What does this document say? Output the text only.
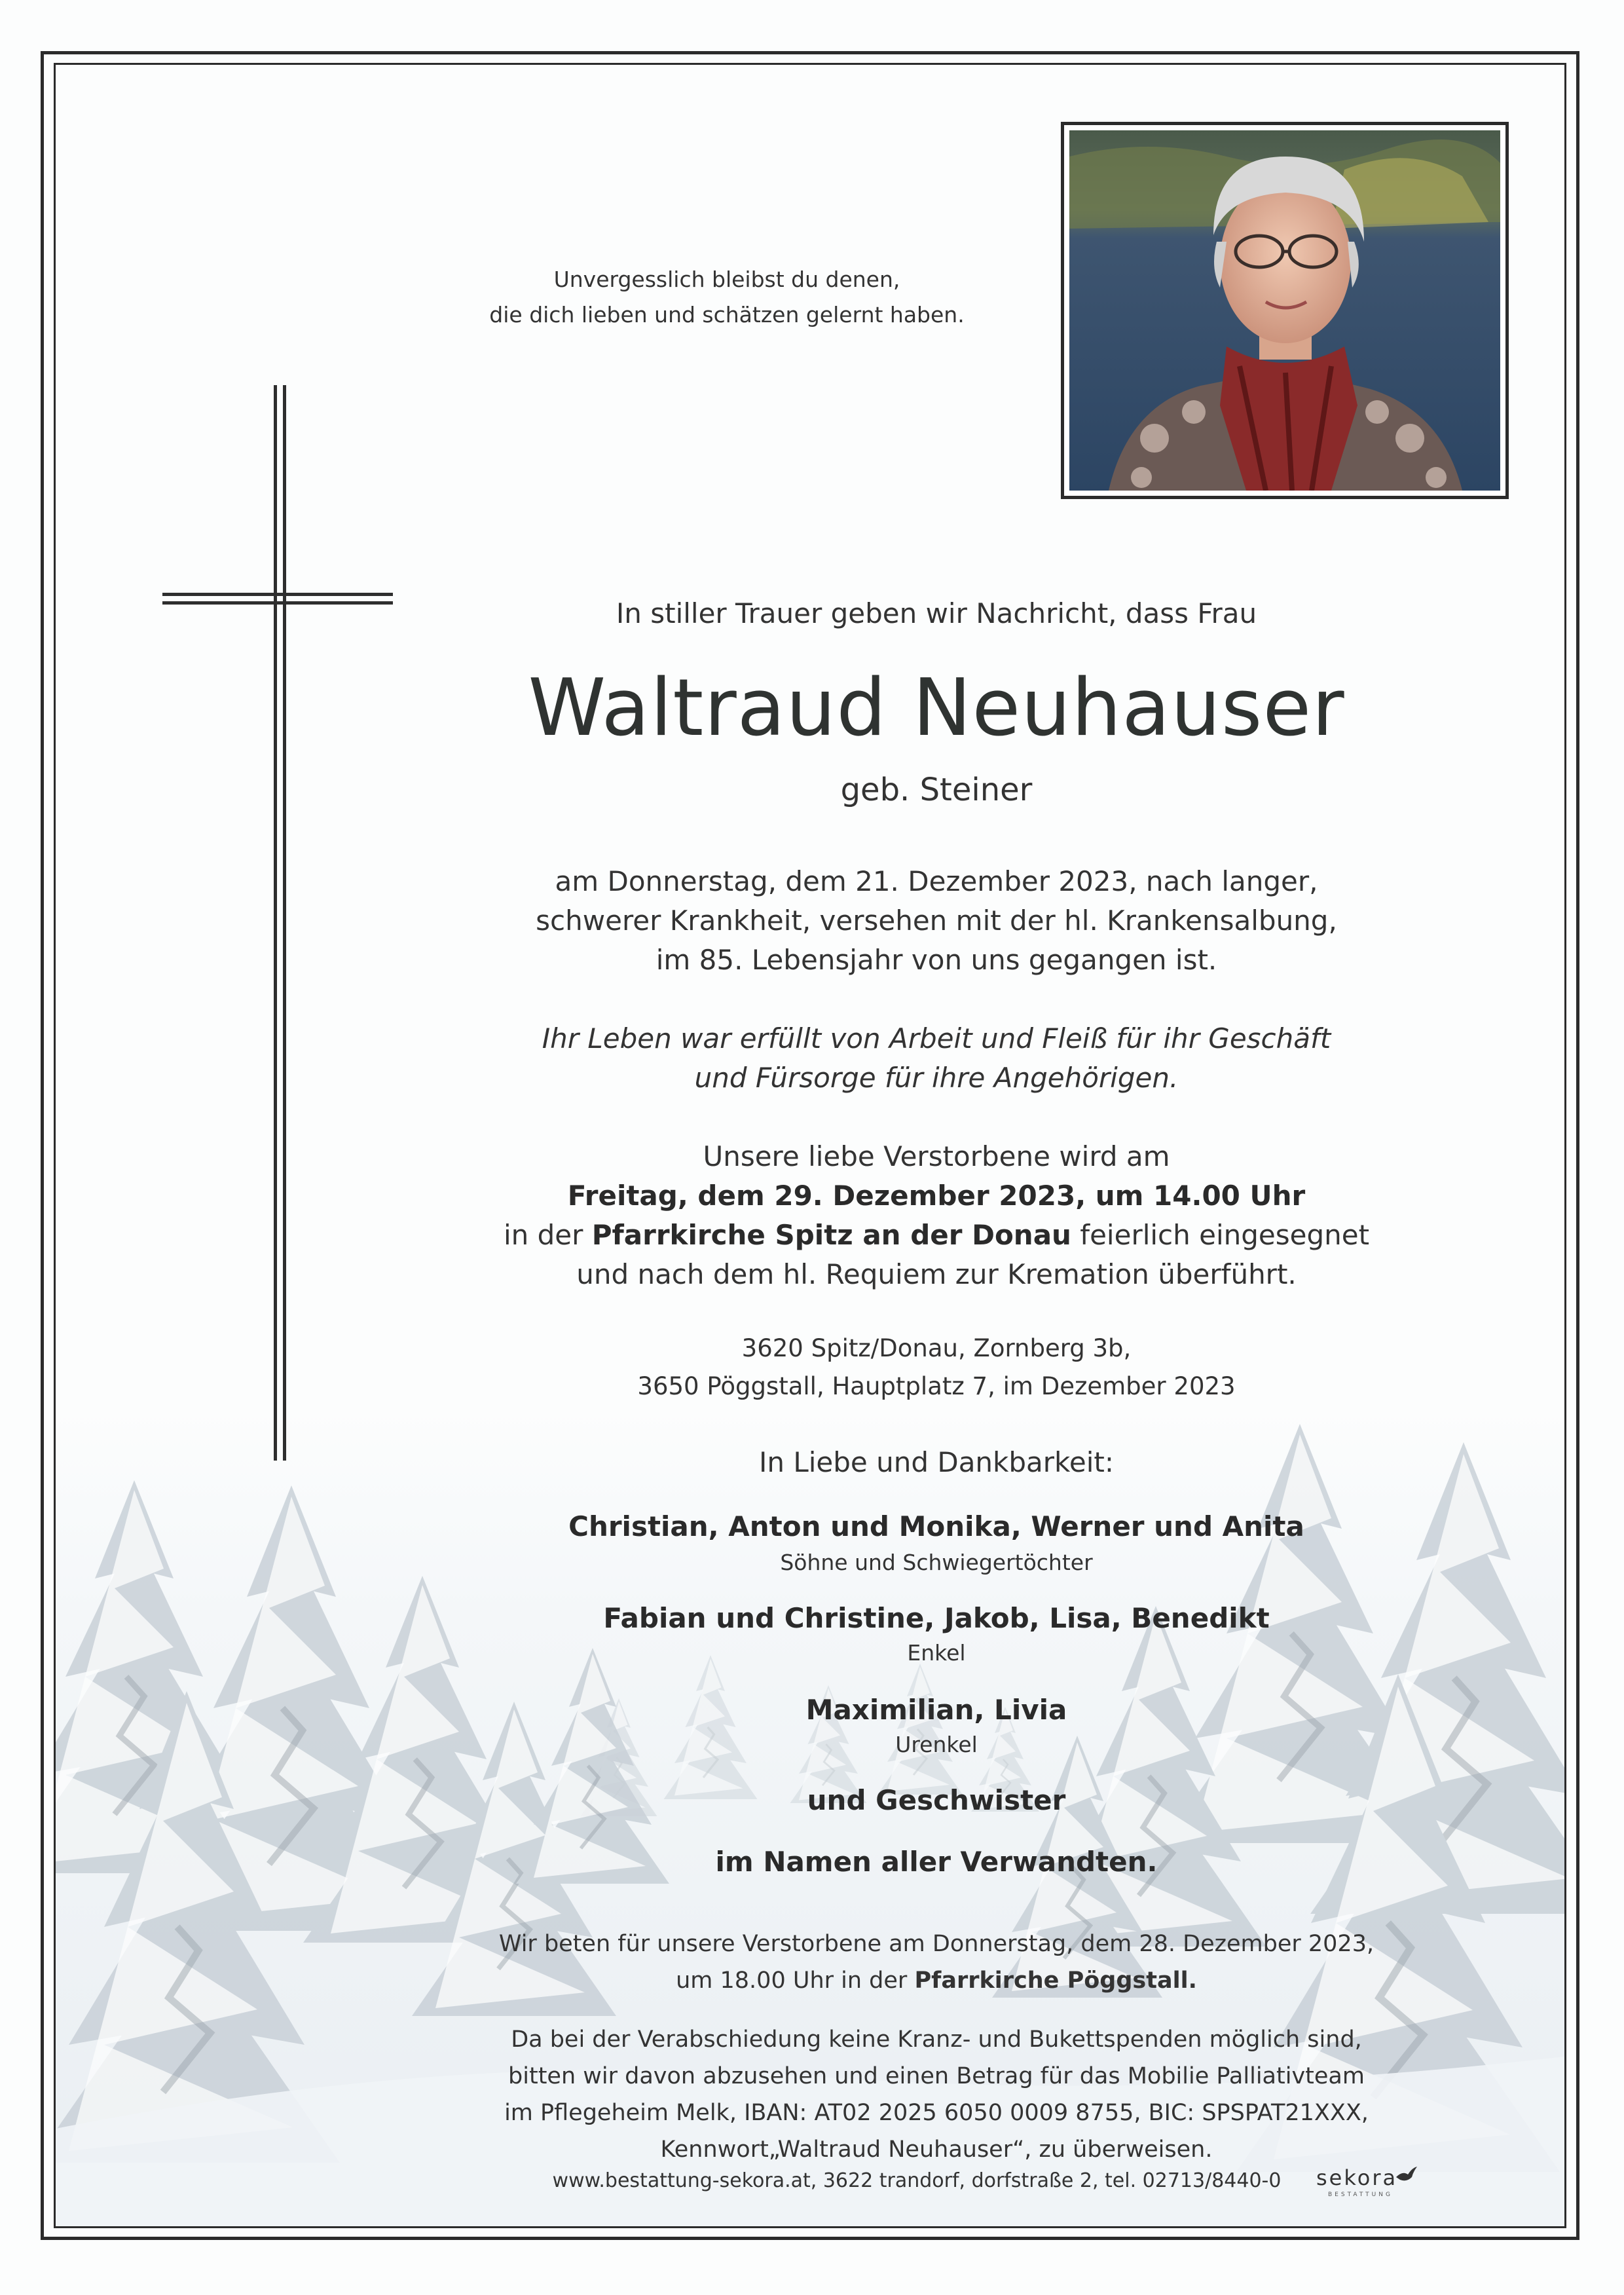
Unvergesslich bleibst du denen,
die dich lieben und schätzen gelernt haben.
In stiller Trauer geben wir Nachricht, dass Frau
Waltraud Neuhauser
geb. Steiner
am Donnerstag, dem 21. Dezember 2023, nach langer,
schwerer Krankheit, versehen mit der hl. Krankensalbung,
im 85. Lebensjahr von uns gegangen ist.
Ihr Leben war erfüllt von Arbeit und Fleiß für ihr Geschäft
und Fürsorge für ihre Angehörigen.
Unsere liebe Verstorbene wird am
Freitag, dem 29. Dezember 2023, um 14.00 Uhr
in der Pfarrkirche Spitz an der Donau feierlich eingesegnet
und nach dem hl. Requiem zur Kremation überführt.
3620 Spitz/Donau, Zornberg 3b,
3650 Pöggstall, Hauptplatz 7, im Dezember 2023
In Liebe und Dankbarkeit:
Christian, Anton und Monika, Werner und Anita
Söhne und Schwiegertöchter
Fabian und Christine, Jakob, Lisa, Benedikt
Enkel
Maximilian, Livia
Urenkel
und Geschwister
im Namen aller Verwandten.
Wir beten für unsere Verstorbene am Donnerstag, dem 28. Dezember 2023,
um 18.00 Uhr in der Pfarrkirche Pöggstall.
Da bei der Verabschiedung keine Kranz- und Bukettspenden möglich sind,
bitten wir davon abzusehen und einen Betrag für das Mobilie Palliativteam
im Pflegeheim Melk, IBAN: AT02 2025 6050 0009 8755, BIC: SPSPAT21XXX,
Kennwort„Waltraud Neuhauser“, zu überweisen.
www.bestattung-sekora.at, 3622 trandorf, dorfstraße 2, tel. 02713/8440-0	sekora
BESTATTUNG
